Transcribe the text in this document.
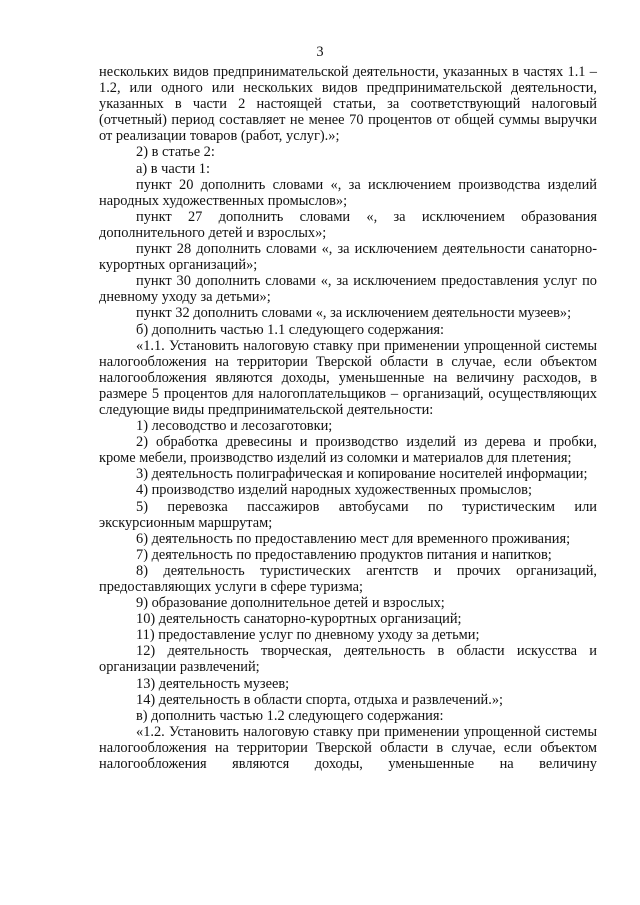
3

нескольких видов предпринимательской деятельности, указанных в частях 1.1 – 1.2, или одного или нескольких видов предпринимательской деятельности, указанных в части 2 настоящей статьи, за соответствующий налоговый (отчетный) период составляет не менее 70 процентов от общей суммы выручки от реализации товаров (работ, услуг).»;

2) в статье 2:

а) в части 1:

пункт 20 дополнить словами «, за исключением производства изделий народных художественных промыслов»;

пункт 27 дополнить словами «, за исключением образования дополнительного детей и взрослых»;

пункт 28 дополнить словами «, за исключением деятельности санаторно-курортных организаций»;

пункт 30 дополнить словами «, за исключением предоставления услуг по дневному уходу за детьми»;

пункт 32 дополнить словами «, за исключением деятельности музеев»;

б) дополнить частью 1.1 следующего содержания:

«1.1. Установить налоговую ставку при применении упрощенной системы налогообложения на территории Тверской области в случае, если объектом налогообложения являются доходы, уменьшенные на величину расходов, в размере 5 процентов для налогоплательщиков – организаций, осуществляющих следующие виды предпринимательской деятельности:

1) лесоводство и лесозаготовки;

2) обработка древесины и производство изделий из дерева и пробки, кроме мебели, производство изделий из соломки и материалов для плетения;

3) деятельность полиграфическая и копирование носителей информации;

4) производство изделий народных художественных промыслов;

5) перевозка пассажиров автобусами по туристическим или экскурсионным маршрутам;

6) деятельность по предоставлению мест для временного проживания;

7) деятельность по предоставлению продуктов питания и напитков;

8) деятельность туристических агентств и прочих организаций, предоставляющих услуги в сфере туризма;

9) образование дополнительное детей и взрослых;

10) деятельность санаторно-курортных организаций;

11) предоставление услуг по дневному уходу за детьми;

12) деятельность творческая, деятельность в области искусства и организации развлечений;

13) деятельность музеев;

14) деятельность в области спорта, отдыха и развлечений.»;

в) дополнить частью 1.2 следующего содержания:

«1.2. Установить налоговую ставку при применении упрощенной системы налогообложения на территории Тверской области в случае, если объектом налогообложения являются доходы, уменьшенные на величину
